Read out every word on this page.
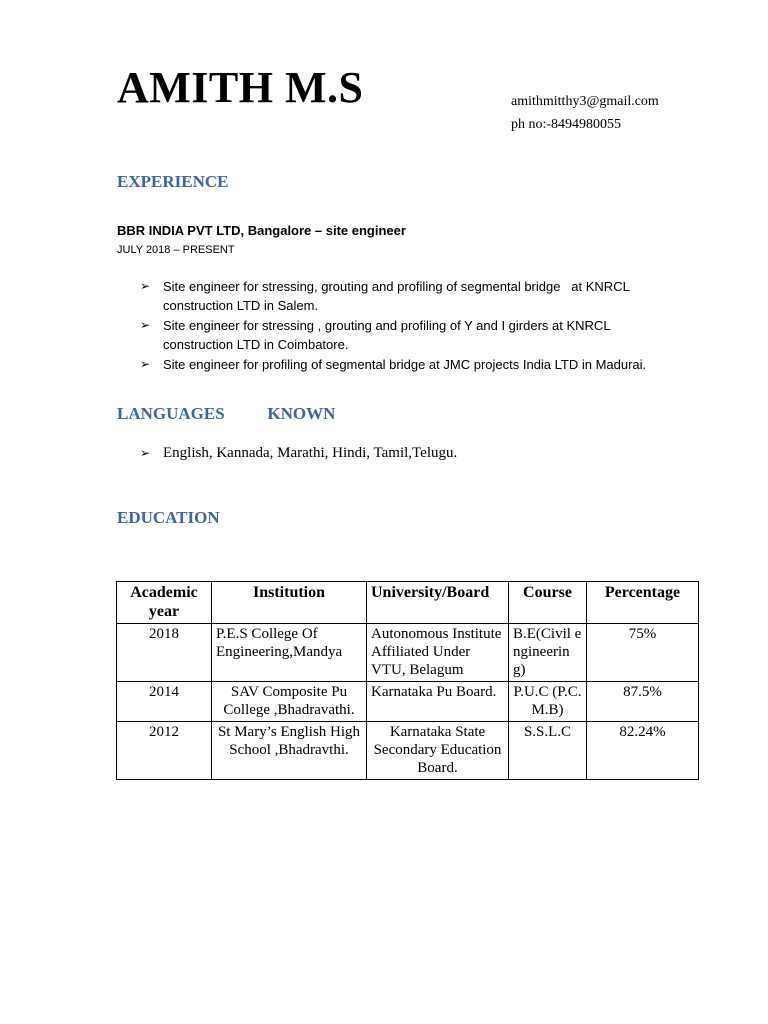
AMITH M.S	amithmitthy3@gmail.com
ph no:-8494980055
EXPERIENCE
BBR INDIA PVT LTD, Bangalore – site engineer
JULY 2018 – PRESENT
➢ Site engineer for stressing, grouting and profiling of segmental bridge   at KNRCL construction LTD in Salem.
➢ Site engineer for stressing , grouting and profiling of Y and I girders at KNRCL construction LTD in Coimbatore.
➢ Site engineer for profiling of segmental bridge at JMC projects India LTD in Madurai.
LANGUAGES   KNOWN
➢ English, Kannada, Marathi, Hindi, Tamil,Telugu.
EDUCATION
Academic year	Institution	University/Board	Course	Percentage
2018	P.E.S College Of Engineering,Mandya	Autonomous Institute Affiliated Under VTU, Belagum	B.E(Civil engineering)	75%
2014	SAV Composite Pu College ,Bhadravathi.	Karnataka Pu Board.	P.U.C (P.C.M.B)	87.5%
2012	St Mary’s English High School ,Bhadravthi.	Karnataka State Secondary Education Board.	S.S.L.C	82.24%
